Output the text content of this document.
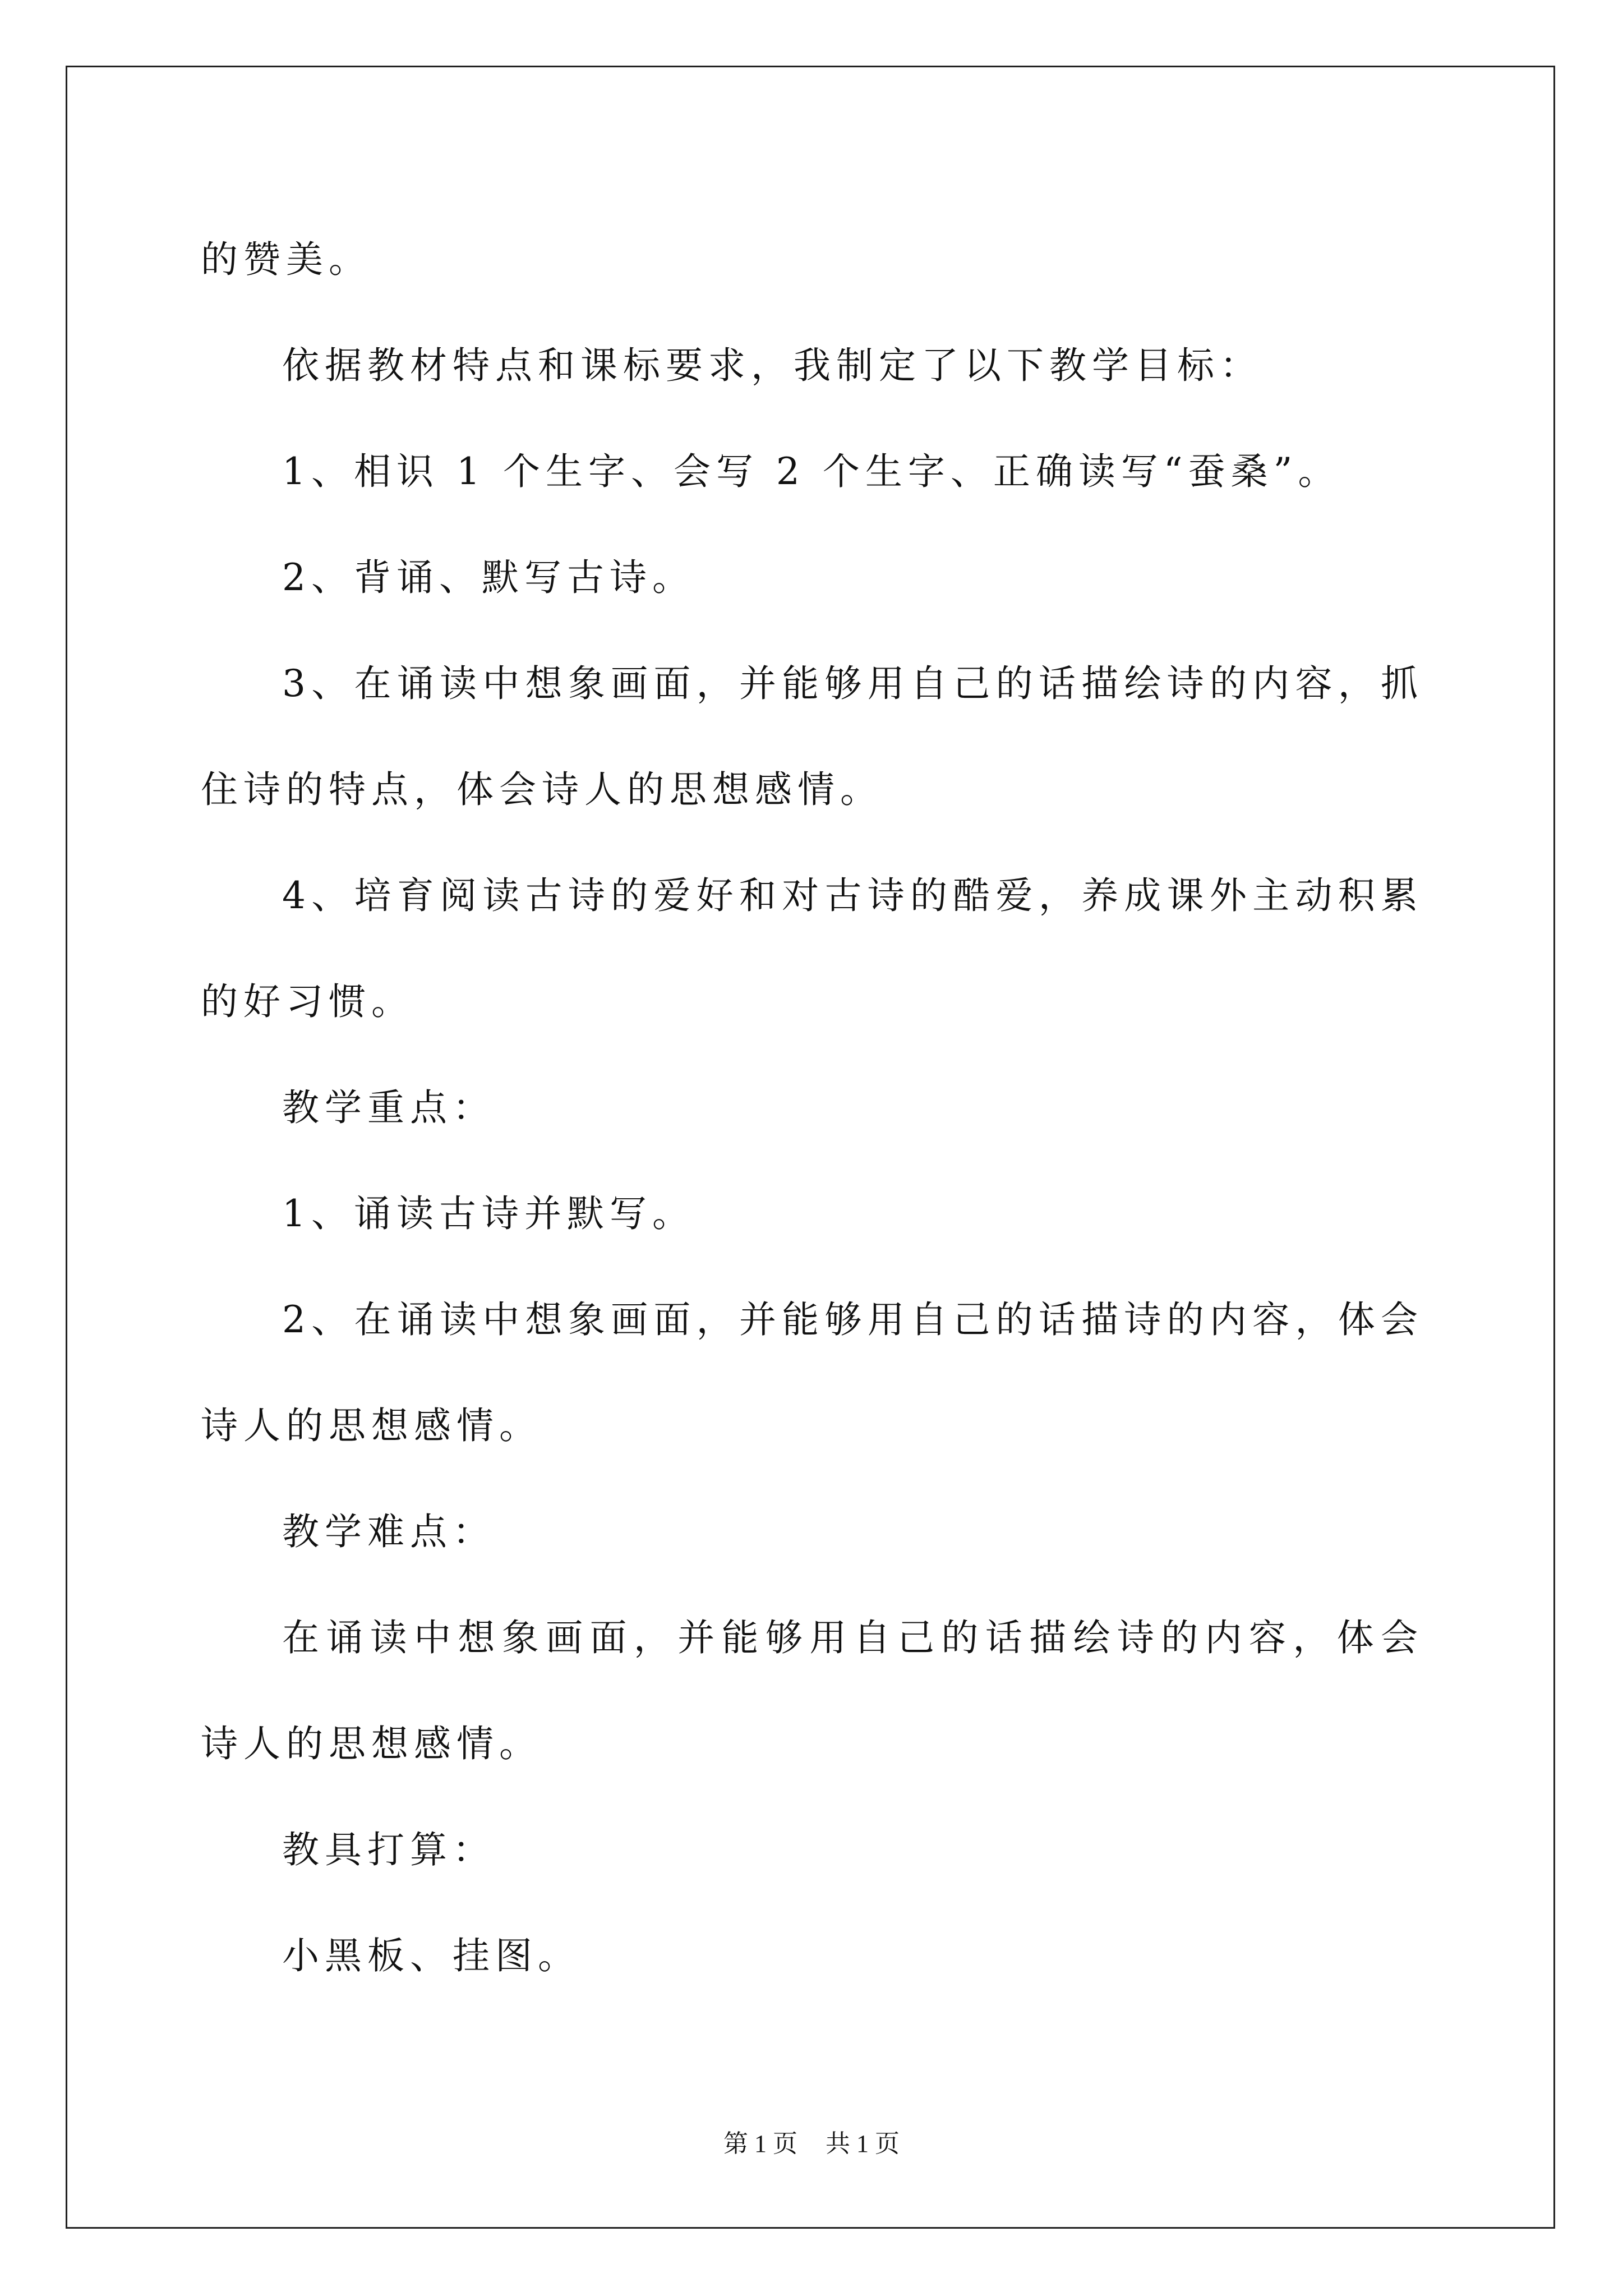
的赞美。

依据教材特点和课标要求，我制定了以下教学目标：

1、相识 1 个生字、会写 2 个生字、正确读写“蚕桑”。

2、背诵、默写古诗。

3、在诵读中想象画面，并能够用自己的话描绘诗的内容，抓住诗的特点，体会诗人的思想感情。

4、培育阅读古诗的爱好和对古诗的酷爱，养成课外主动积累的好习惯。

教学重点：

1、诵读古诗并默写。

2、在诵读中想象画面，并能够用自己的话描诗的内容，体会诗人的思想感情。

教学难点：

在诵读中想象画面，并能够用自己的话描绘诗的内容，体会诗人的思想感情。

教具打算：

小黑板、挂图。

第 1 页 共 1 页
